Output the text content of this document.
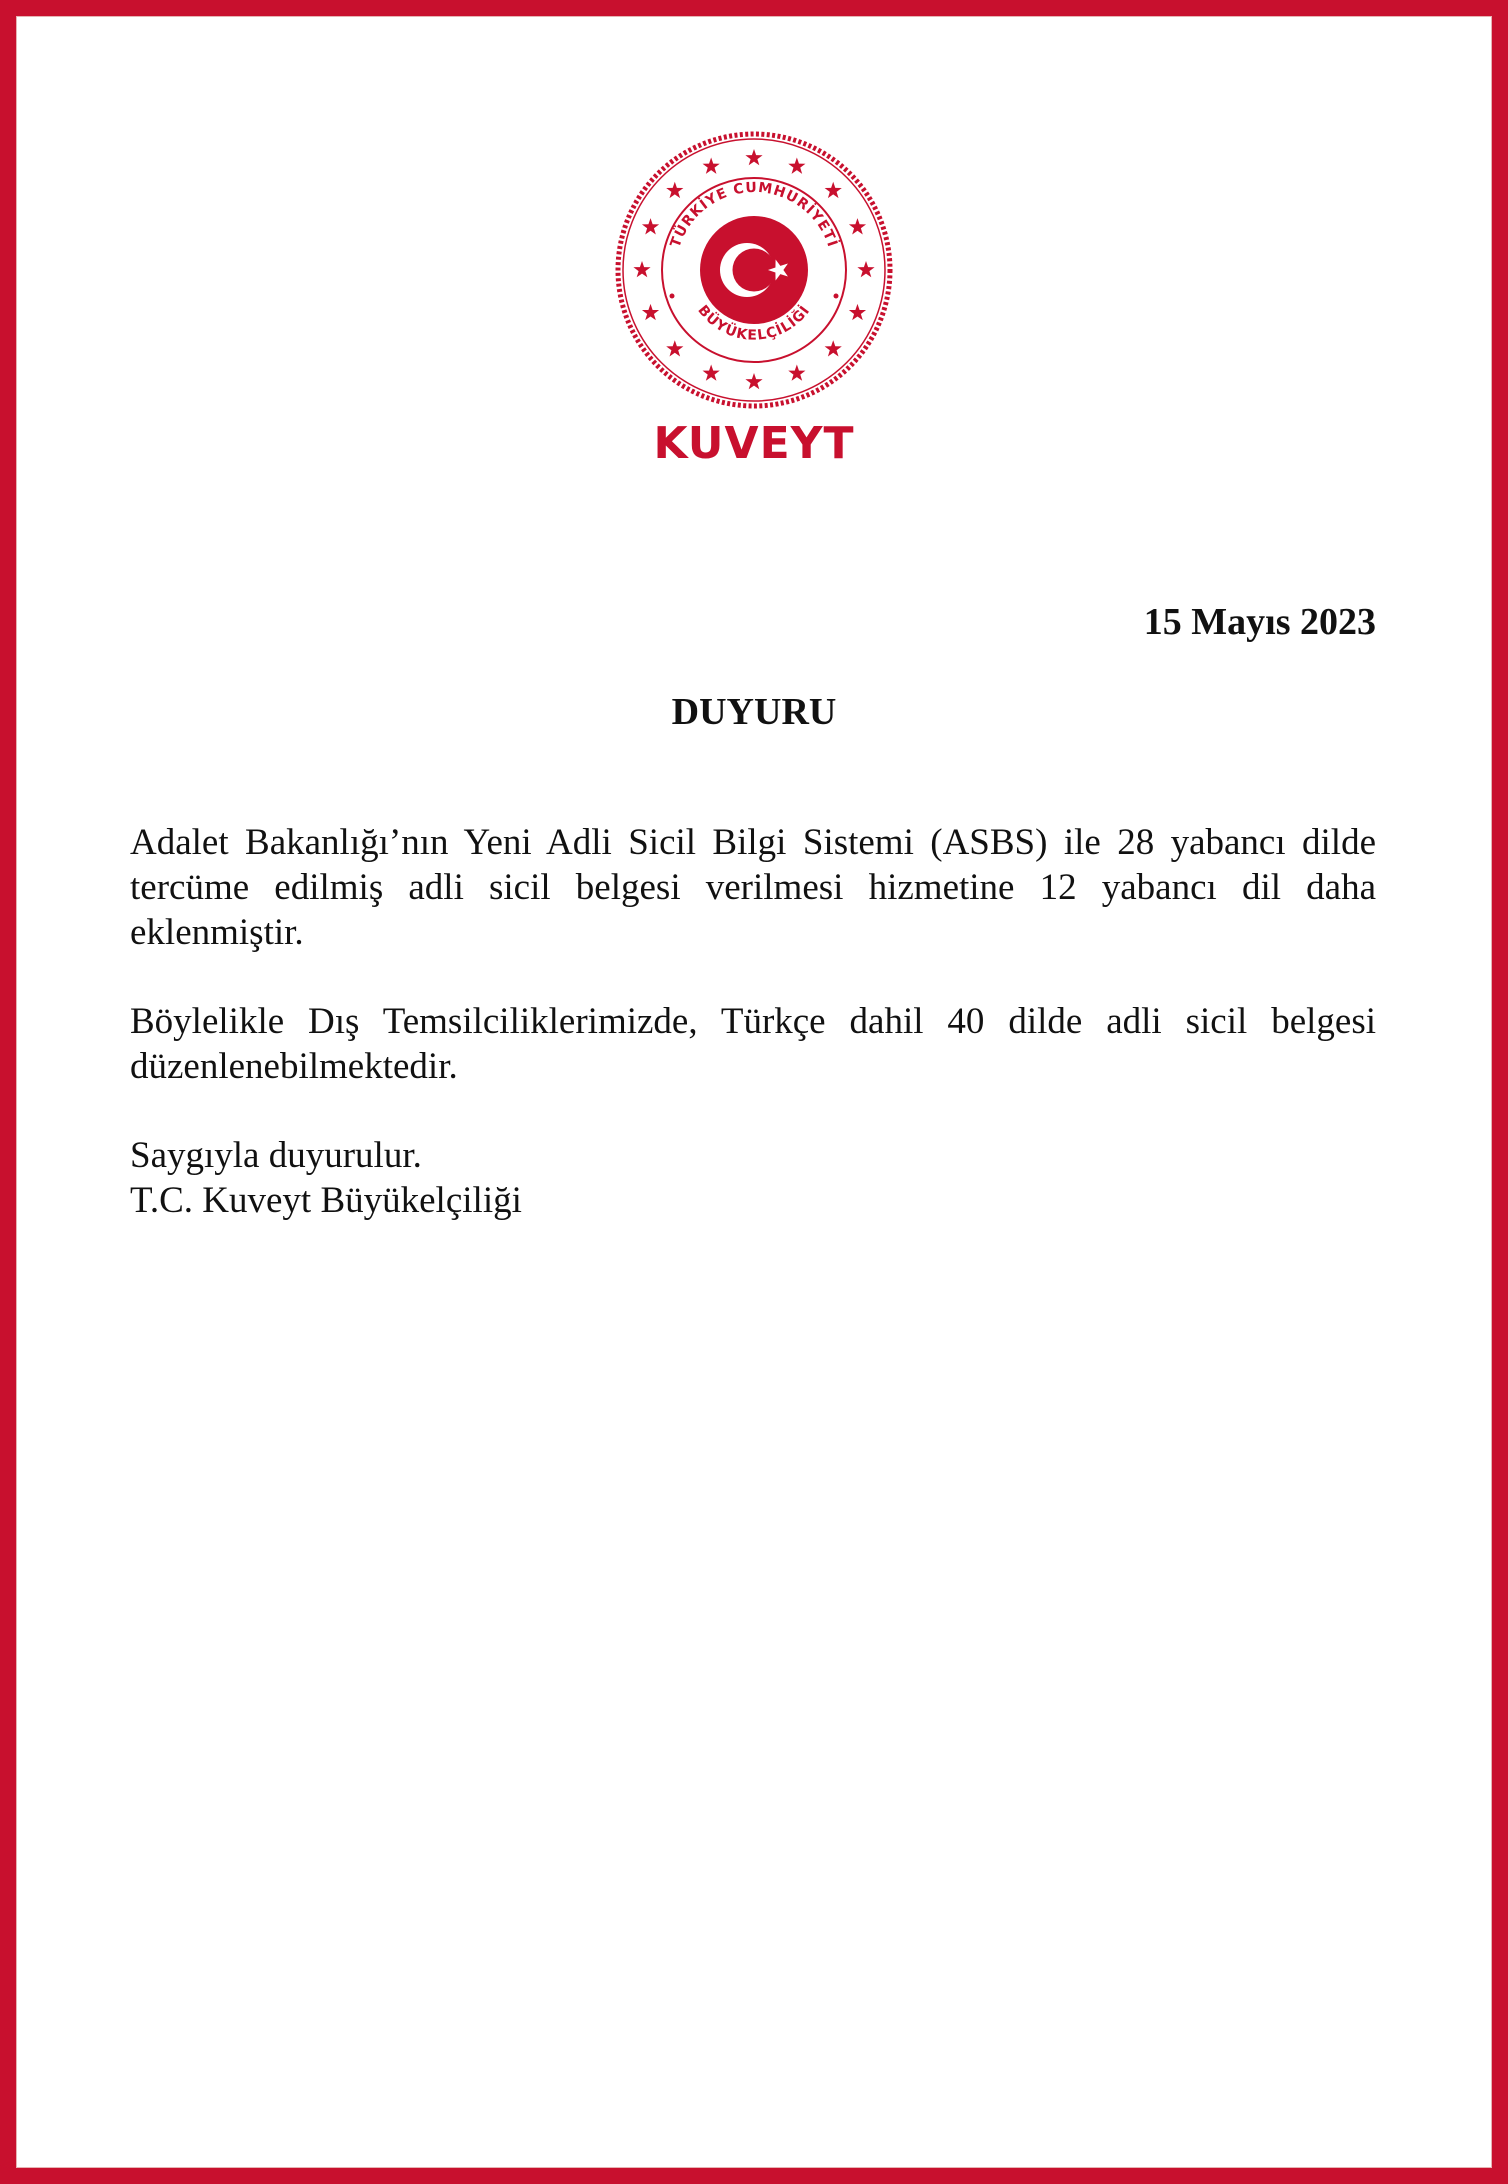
TÜRKİYE CUMHURİYETİ
BÜYÜKELÇİLİĞİ
KUVEYT
15 Mayıs 2023
DUYURU

Adalet Bakanlığı’nın Yeni Adli Sicil Bilgi Sistemi (ASBS) ile 28 yabancı dilde tercüme edilmiş adli sicil belgesi verilmesi hizmetine 12 yabancı dil daha eklenmiştir.

Böylelikle Dış Temsilciliklerimizde, Türkçe dahil 40 dilde adli sicil belgesi düzenlenebilmektedir.

Saygıyla duyurulur.

T.C. Kuveyt Büyükelçiliği
